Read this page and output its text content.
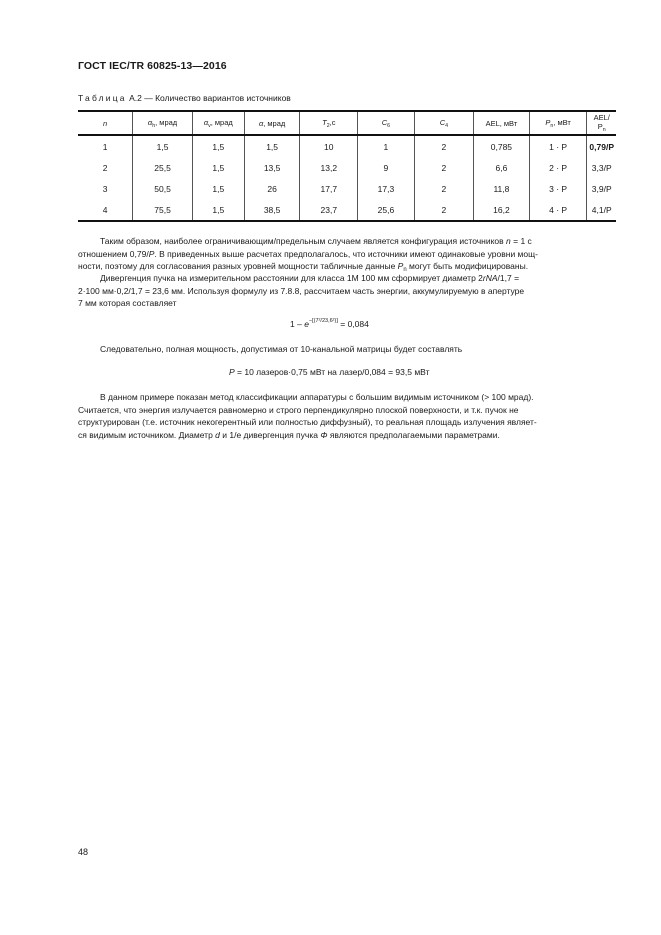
ГОСТ IEC/TR 60825-13—2016
Таблица А.2 — Количество вариантов источников
n	$\alpha_h$, мрад	$\alpha_v$, мрад	α, мрад	$T_2,с$	$C_6$	$C_4$	AEL, мВт	$P_n$, мВт	AEL/ $P_n$
1	1,5	1,5	1,5	10	1	2	0,785	1 · P	0,79/P
2	25,5	1,5	13,5	13,2	9	2	6,6	2 · P	3,3/P
3	50,5	1,5	26	17,7	17,3	2	11,8	3 · P	3,9/P
4	75,5	1,5	38,5	23,7	25,6	2	16,2	4 · P	4,1/P
Таким образом, наиболее ограничивающим/предельным случаем является конфигурация источников n = 1 с
отношением 0,79/P. В приведенных выше расчетах предполагалось, что источники имеют одинаковые уровни мощ-
ности, поэтому для согласования разных уровней мощности табличные данные $P_n$ могут быть модифицированы.
Дивергенция пучка на измерительном расстоянии для класса 1М 100 мм сформирует диаметр 2rNA/1,7 =
2·100 мм·0,2/1,7 = 23,6 мм. Используя формулу из 7.8.8, рассчитаем часть энергии, аккумулируемую в апертуре
7 мм которая составляет
$1 - e^{-[(7^2/23,6^2)]} = 0,084$
Следовательно, полная мощность, допустимая от 10-канальной матрицы будет составлять
P = 10 лазеров·0,75 мВт на лазер/0,084 = 93,5 мВт
В данном примере показан метод классификации аппаратуры с большим видимым источником (> 100 мрад).
Считается, что энергия излучается равномерно и строго перпендикулярно плоской поверхности, и т.к. пучок не
структурирован (т.е. источник некогерентный или полностью диффузный), то реальная площадь излучения являет-
ся видимым источником. Диаметр d и 1/е дивергенция пучка Φ являются предполагаемыми параметрами.
48
